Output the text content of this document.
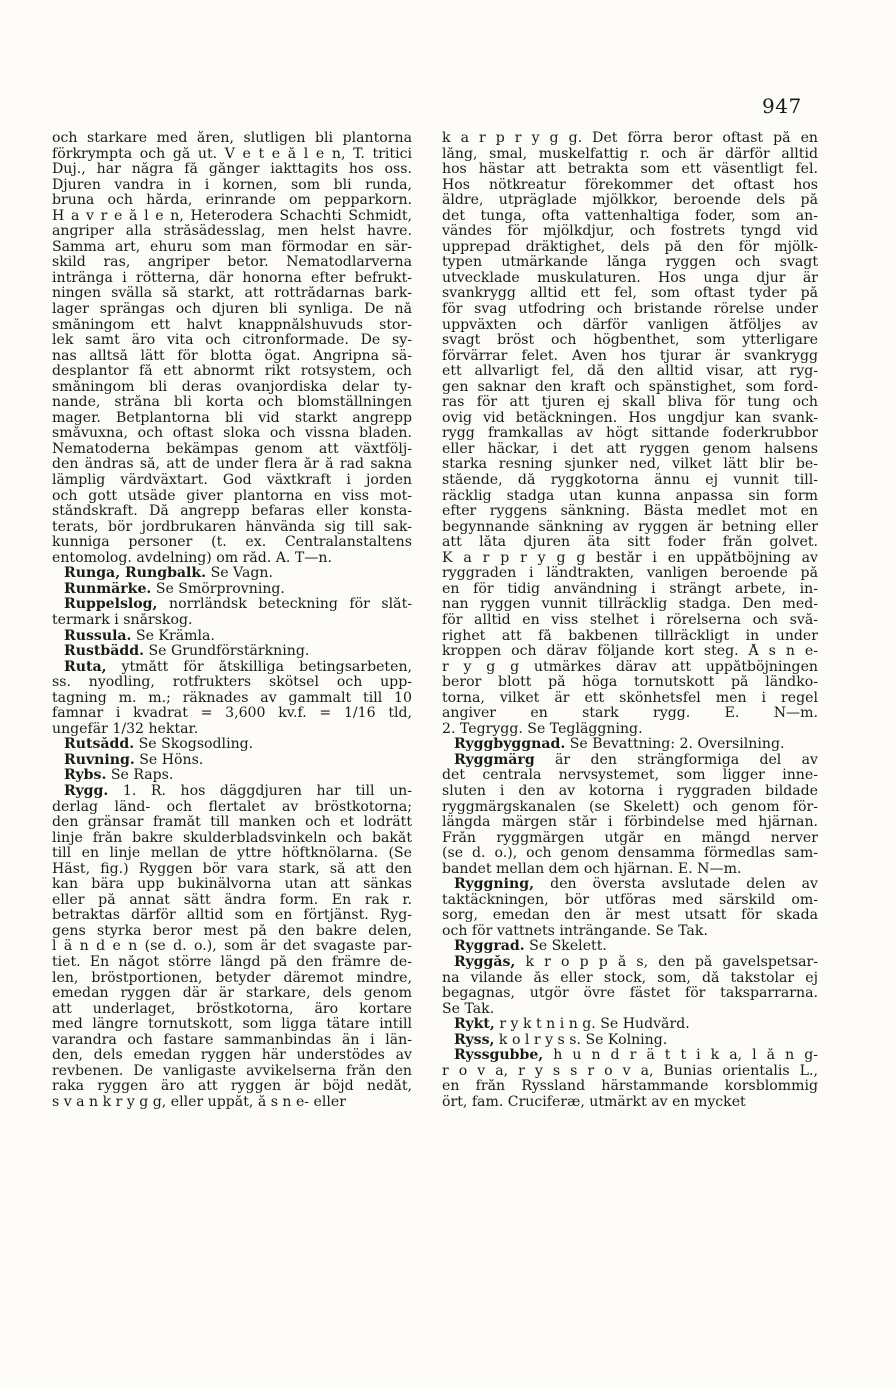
947
och starkare med åren, slutligen bli plantorna
förkrympta och gå ut. V e t e å l e n, T. tritici
Duj., har några få gånger iakttagits hos oss.
Djuren vandra in i kornen, som bli runda,
bruna och hårda, erinrande om pepparkorn.
H a v r e å l e n, Heterodera Schachti Schmidt,
angriper alla stråsädesslag, men helst havre.
Samma art, ehuru som man förmodar en sär-
skild ras, angriper betor. Nematodlarverna
intränga i rötterna, där honorna efter befrukt-
ningen svälla så starkt, att rottrådarnas bark-
lager sprängas och djuren bli synliga. De nå
småningom ett halvt knappnålshuvuds stor-
lek samt äro vita och citronformade. De sy-
nas alltså lätt för blotta ögat. Angripna sä-
desplantor få ett abnormt rikt rotsystem, och
småningom bli deras ovanjordiska delar ty-
nande, stråna bli korta och blomställningen
mager. Betplantorna bli vid starkt angrepp
småvuxna, och oftast sloka och vissna bladen.
Nematoderna bekämpas genom att växtfölj-
den ändras så, att de under flera år å rad sakna
lämplig värdväxtart. God växtkraft i jorden
och gott utsäde giver plantorna en viss mot-
ståndskraft. Då angrepp befaras eller konsta-
terats, bör jordbrukaren hänvända sig till sak-
kunniga personer (t. ex. Centralanstaltens
entomolog. avdelning) om råd. A. T—n.
Runga, Rungbalk. Se Vagn.
Runmärke. Se Smörprovning.
Ruppelslog, norrländsk beteckning för slåt-
termark i snårskog.
Russula. Se Krämla.
Rustbädd. Se Grundförstärkning.
Ruta, ytmått för åtskilliga betingsarbeten,
ss. nyodling, rotfrukters skötsel och upp-
tagning m. m.; räknades av gammalt till 10
famnar i kvadrat = 3,600 kv.f. = 1/16 tld,
ungefär 1/32 hektar.
Rutsådd. Se Skogsodling.
Ruvning. Se Höns.
Rybs. Se Raps.
Rygg. 1. R. hos däggdjuren har till un-
derlag länd- och flertalet av bröstkotorna;
den gränsar framåt till manken och et lodrätt
linje från bakre skulderbladsvinkeln och bakåt
till en linje mellan de yttre höftknölarna. (Se
Häst, fig.) Ryggen bör vara stark, så att den
kan bära upp bukinälvorna utan att sänkas
eller på annat sätt ändra form. En rak r.
betraktas därför alltid som en förtjänst. Ryg-
gens styrka beror mest på den bakre delen,
l ä n d e n (se d. o.), som är det svagaste par-
tiet. En något större längd på den främre de-
len, bröstportionen, betyder däremot mindre,
emedan ryggen där är starkare, dels genom
att underlaget, bröstkotorna, äro kortare
med längre tornutskott, som ligga tätare intill
varandra och fastare sammanbindas än i län-
den, dels emedan ryggen här understödes av
revbenen. De vanligaste avvikelserna från den
raka ryggen äro att ryggen är böjd nedåt,
s v a n k r y g g, eller uppåt, å s n e- eller
k a r p r y g g. Det förra beror oftast på en
lång, smal, muskelfattig r. och är därför alltid
hos hästar att betrakta som ett väsentligt fel.
Hos nötkreatur förekommer det oftast hos
äldre, utpräglade mjölkkor, beroende dels på
det tunga, ofta vattenhaltiga foder, som an-
vändes för mjölkdjur, och fostrets tyngd vid
upprepad dräktighet, dels på den för mjölk-
typen utmärkande långa ryggen och svagt
utvecklade muskulaturen. Hos unga djur är
svankrygg alltid ett fel, som oftast tyder på
för svag utfodring och bristande rörelse under
uppväxten och därför vanligen åtföljes av
svagt bröst och högbenthet, som ytterligare
förvärrar felet. Även hos tjurar är svankrygg
ett allvarligt fel, då den alltid visar, att ryg-
gen saknar den kraft och spänstighet, som ford-
ras för att tjuren ej skall bliva för tung och
ovig vid betäckningen. Hos ungdjur kan svank-
rygg framkallas av högt sittande foderkrubbor
eller häckar, i det att ryggen genom halsens
starka resning sjunker ned, vilket lätt blir be-
stående, då ryggkotorna ännu ej vunnit till-
räcklig stadga utan kunna anpassa sin form
efter ryggens sänkning. Bästa medlet mot en
begynnande sänkning av ryggen är betning eller
att låta djuren äta sitt foder från golvet.
K a r p r y g g består i en uppåtböjning av
ryggraden i ländtrakten, vanligen beroende på
en för tidig användning i strängt arbete, in-
nan ryggen vunnit tillräcklig stadga. Den med-
för alltid en viss stelhet i rörelserna och svå-
righet att få bakbenen tillräckligt in under
kroppen och därav följande kort steg. Å s n e-
r y g g utmärkes därav att uppåtböjningen
beror blott på höga tornutskott på ländko-
torna, vilket är ett skönhetsfel men i regel
angiver en stark rygg. E. N—m.
2. Tegrygg. Se Tegläggning.
Ryggbyggnad. Se Bevattning: 2. Översilning.
Ryggmärg är den strängformiga del av
det centrala nervsystemet, som ligger inne-
sluten i den av kotorna i ryggraden bildade
ryggmärgskanalen (se Skelett) och genom för-
längda märgen står i förbindelse med hjärnan.
Från ryggmärgen utgår en mängd nerver
(se d. o.), och genom densamma förmedlas sam-
bandet mellan dem och hjärnan. E. N—m.
Ryggning, den översta avslutade delen av
taktäckningen, bör utföras med särskild om-
sorg, emedan den är mest utsatt för skada
och för vattnets inträngande. Se Tak.
Ryggrad. Se Skelett.
Ryggås, k r o p p å s, den på gavelspetsar-
na vilande ås eller stock, som, då takstolar ej
begagnas, utgör övre fästet för taksparrarna.
Se Tak.
Rykt, r y k t n i n g. Se Hudvård.
Ryss, k o l r y s s. Se Kolning.
Ryssgubbe, h u n d r ä t t i k a, l å n g-
r o v a, r y s s r o v a, Bunias orientalis L.,
en från Ryssland härstammande korsblommig
ört, fam. Cruciferæ, utmärkt av en mycket
